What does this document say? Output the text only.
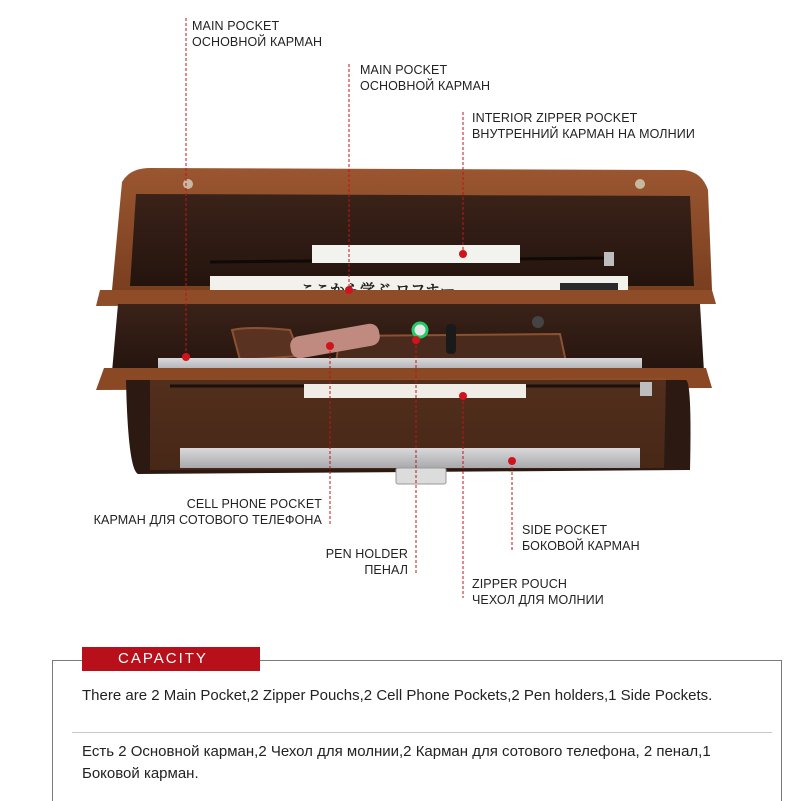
MAIN POCKET
ОСНОВНОЙ КАРМАН
MAIN POCKET
ОСНОВНОЙ КАРМАН
INTERIOR ZIPPER POCKET
ВНУТРЕННИЙ КАРМАН НА МОЛНИИ
CELL PHONE POCKET
КАРМАН ДЛЯ СОТОВОГО ТЕЛЕФОНА
PEN HOLDER
ПЕНАЛ
SIDE POCKET
БОКОВОЙ КАРМАН
ZIPPER POUCH
ЧЕХОЛ ДЛЯ МОЛНИИ
CAPACITY
There are 2 Main Pocket,2 Zipper Pouchs,2 Cell Phone Pockets,2 Pen holders,1 Side Pockets.
Есть 2 Основной карман,2 Чехол для молнии,2 Карман для сотового телефона, 2 пенал,1 Боковой карман.
